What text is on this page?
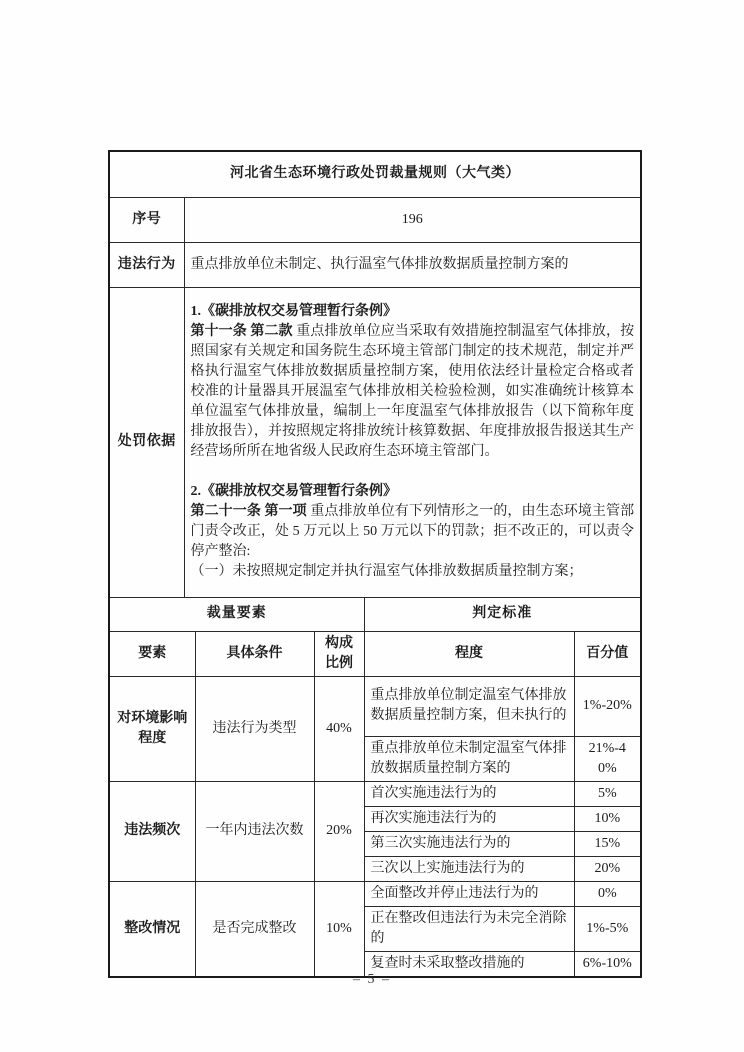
河北省生态环境行政处罚裁量规则（大气类）					
序号	196				
违法行为	重点排放单位未制定、执行温室气体排放数据质量控制方案的				
处罚依据	1.《碳排放权交易管理暂行条例》
第十一条 第二款 重点排放单位应当采取有效措施控制温室气体排放，按照国家有关规定和国务院生态环境主管部门制定的技术规范，制定并严格执行温室气体排放数据质量控制方案，使用依法经计量检定合格或者校准的计量器具开展温室气体排放相关检验检测，如实准确统计核算本单位温室气体排放量，编制上一年度温室气体排放报告（以下简称年度排放报告），并按照规定将排放统计核算数据、年度排放报告报送其生产经营场所所在地省级人民政府生态环境主管部门。

2.《碳排放权交易管理暂行条例》
第二十一条 第一项 重点排放单位有下列情形之一的，由生态环境主管部门责令改正，处 5 万元以上 50 万元以下的罚款；拒不改正的，可以责令停产整治:
（一）未按照规定制定并执行温室气体排放数据质量控制方案；				

裁量要素				判定标准	
要素		具体条件	构成比例	程度	百分值
对环境影响程度		违法行为类型	40%	重点排放单位制定温室气体排放数据质量控制方案，但未执行的	1%-20%
				重点排放单位未制定温室气体排放数据质量控制方案的	21%-40%
违法频次		一年内违法次数	20%	首次实施违法行为的	5%
				再次实施违法行为的	10%
				第三次实施违法行为的	15%
				三次以上实施违法行为的	20%
整改情况		是否完成整改	10%	全面整改并停止违法行为的	0%
				正在整改但违法行为未完全消除的	1%-5%
				复查时未采取整改措施的	6%-10%
– 5 –
